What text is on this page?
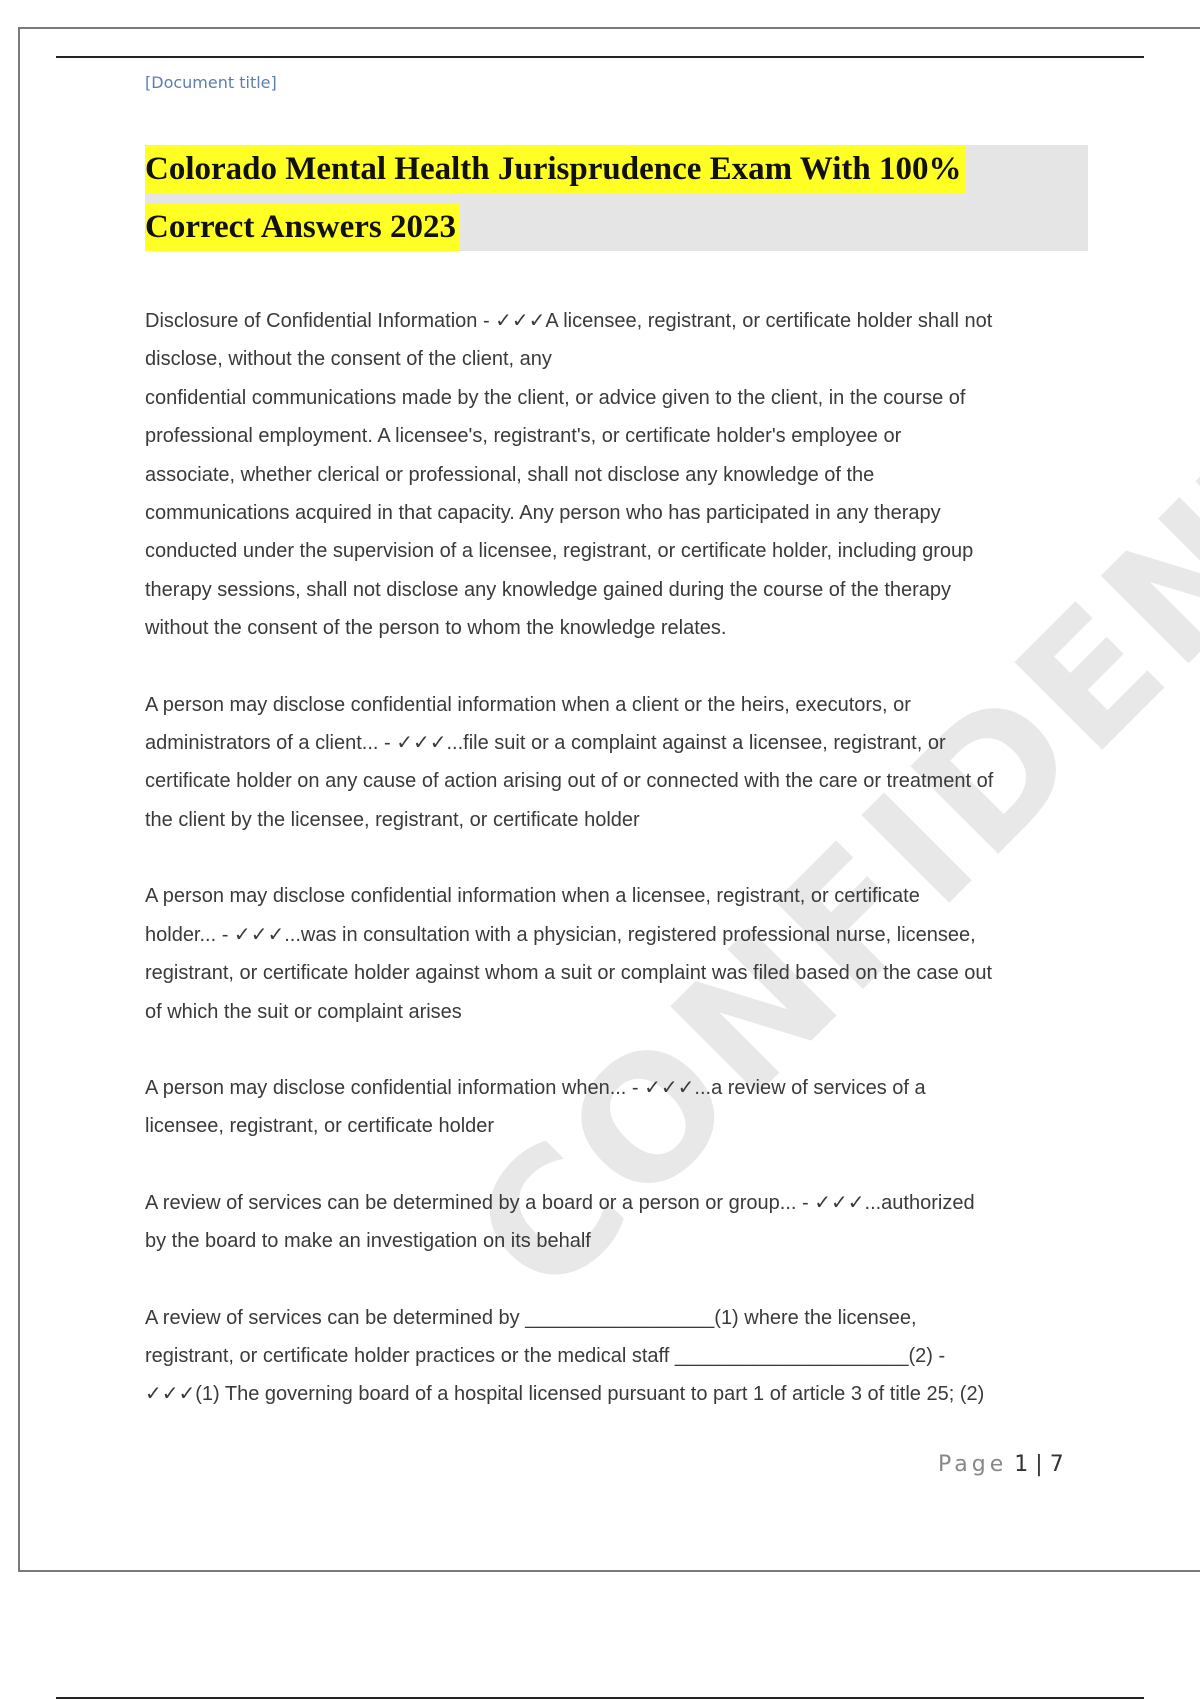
[Document title]
Colorado Mental Health Jurisprudence Exam With 100%
Correct Answers 2023

Disclosure of Confidential Information - ✓✓✓A licensee, registrant, or certificate holder shall not
disclose, without the consent of the client, any
confidential communications made by the client, or advice given to the client, in the course of
professional employment. A licensee's, registrant's, or certificate holder's employee or
associate, whether clerical or professional, shall not disclose any knowledge of the
communications acquired in that capacity. Any person who has participated in any therapy
conducted under the supervision of a licensee, registrant, or certificate holder, including group
therapy sessions, shall not disclose any knowledge gained during the course of the therapy
without the consent of the person to whom the knowledge relates.

A person may disclose confidential information when a client or the heirs, executors, or
administrators of a client... - ✓✓✓...file suit or a complaint against a licensee, registrant, or
certificate holder on any cause of action arising out of or connected with the care or treatment of
the client by the licensee, registrant, or certificate holder

A person may disclose confidential information when a licensee, registrant, or certificate
holder... - ✓✓✓...was in consultation with a physician, registered professional nurse, licensee,
registrant, or certificate holder against whom a suit or complaint was filed based on the case out
of which the suit or complaint arises

A person may disclose confidential information when... - ✓✓✓...a review of services of a
licensee, registrant, or certificate holder

A review of services can be determined by a board or a person or group... - ✓✓✓...authorized
by the board to make an investigation on its behalf

A review of services can be determined by _________________(1) where the licensee,
registrant, or certificate holder practices or the medical staff _____________________(2) -
✓✓✓(1) The governing board of a hospital licensed pursuant to part 1 of article 3 of title 25; (2)

Page 1 | 7
